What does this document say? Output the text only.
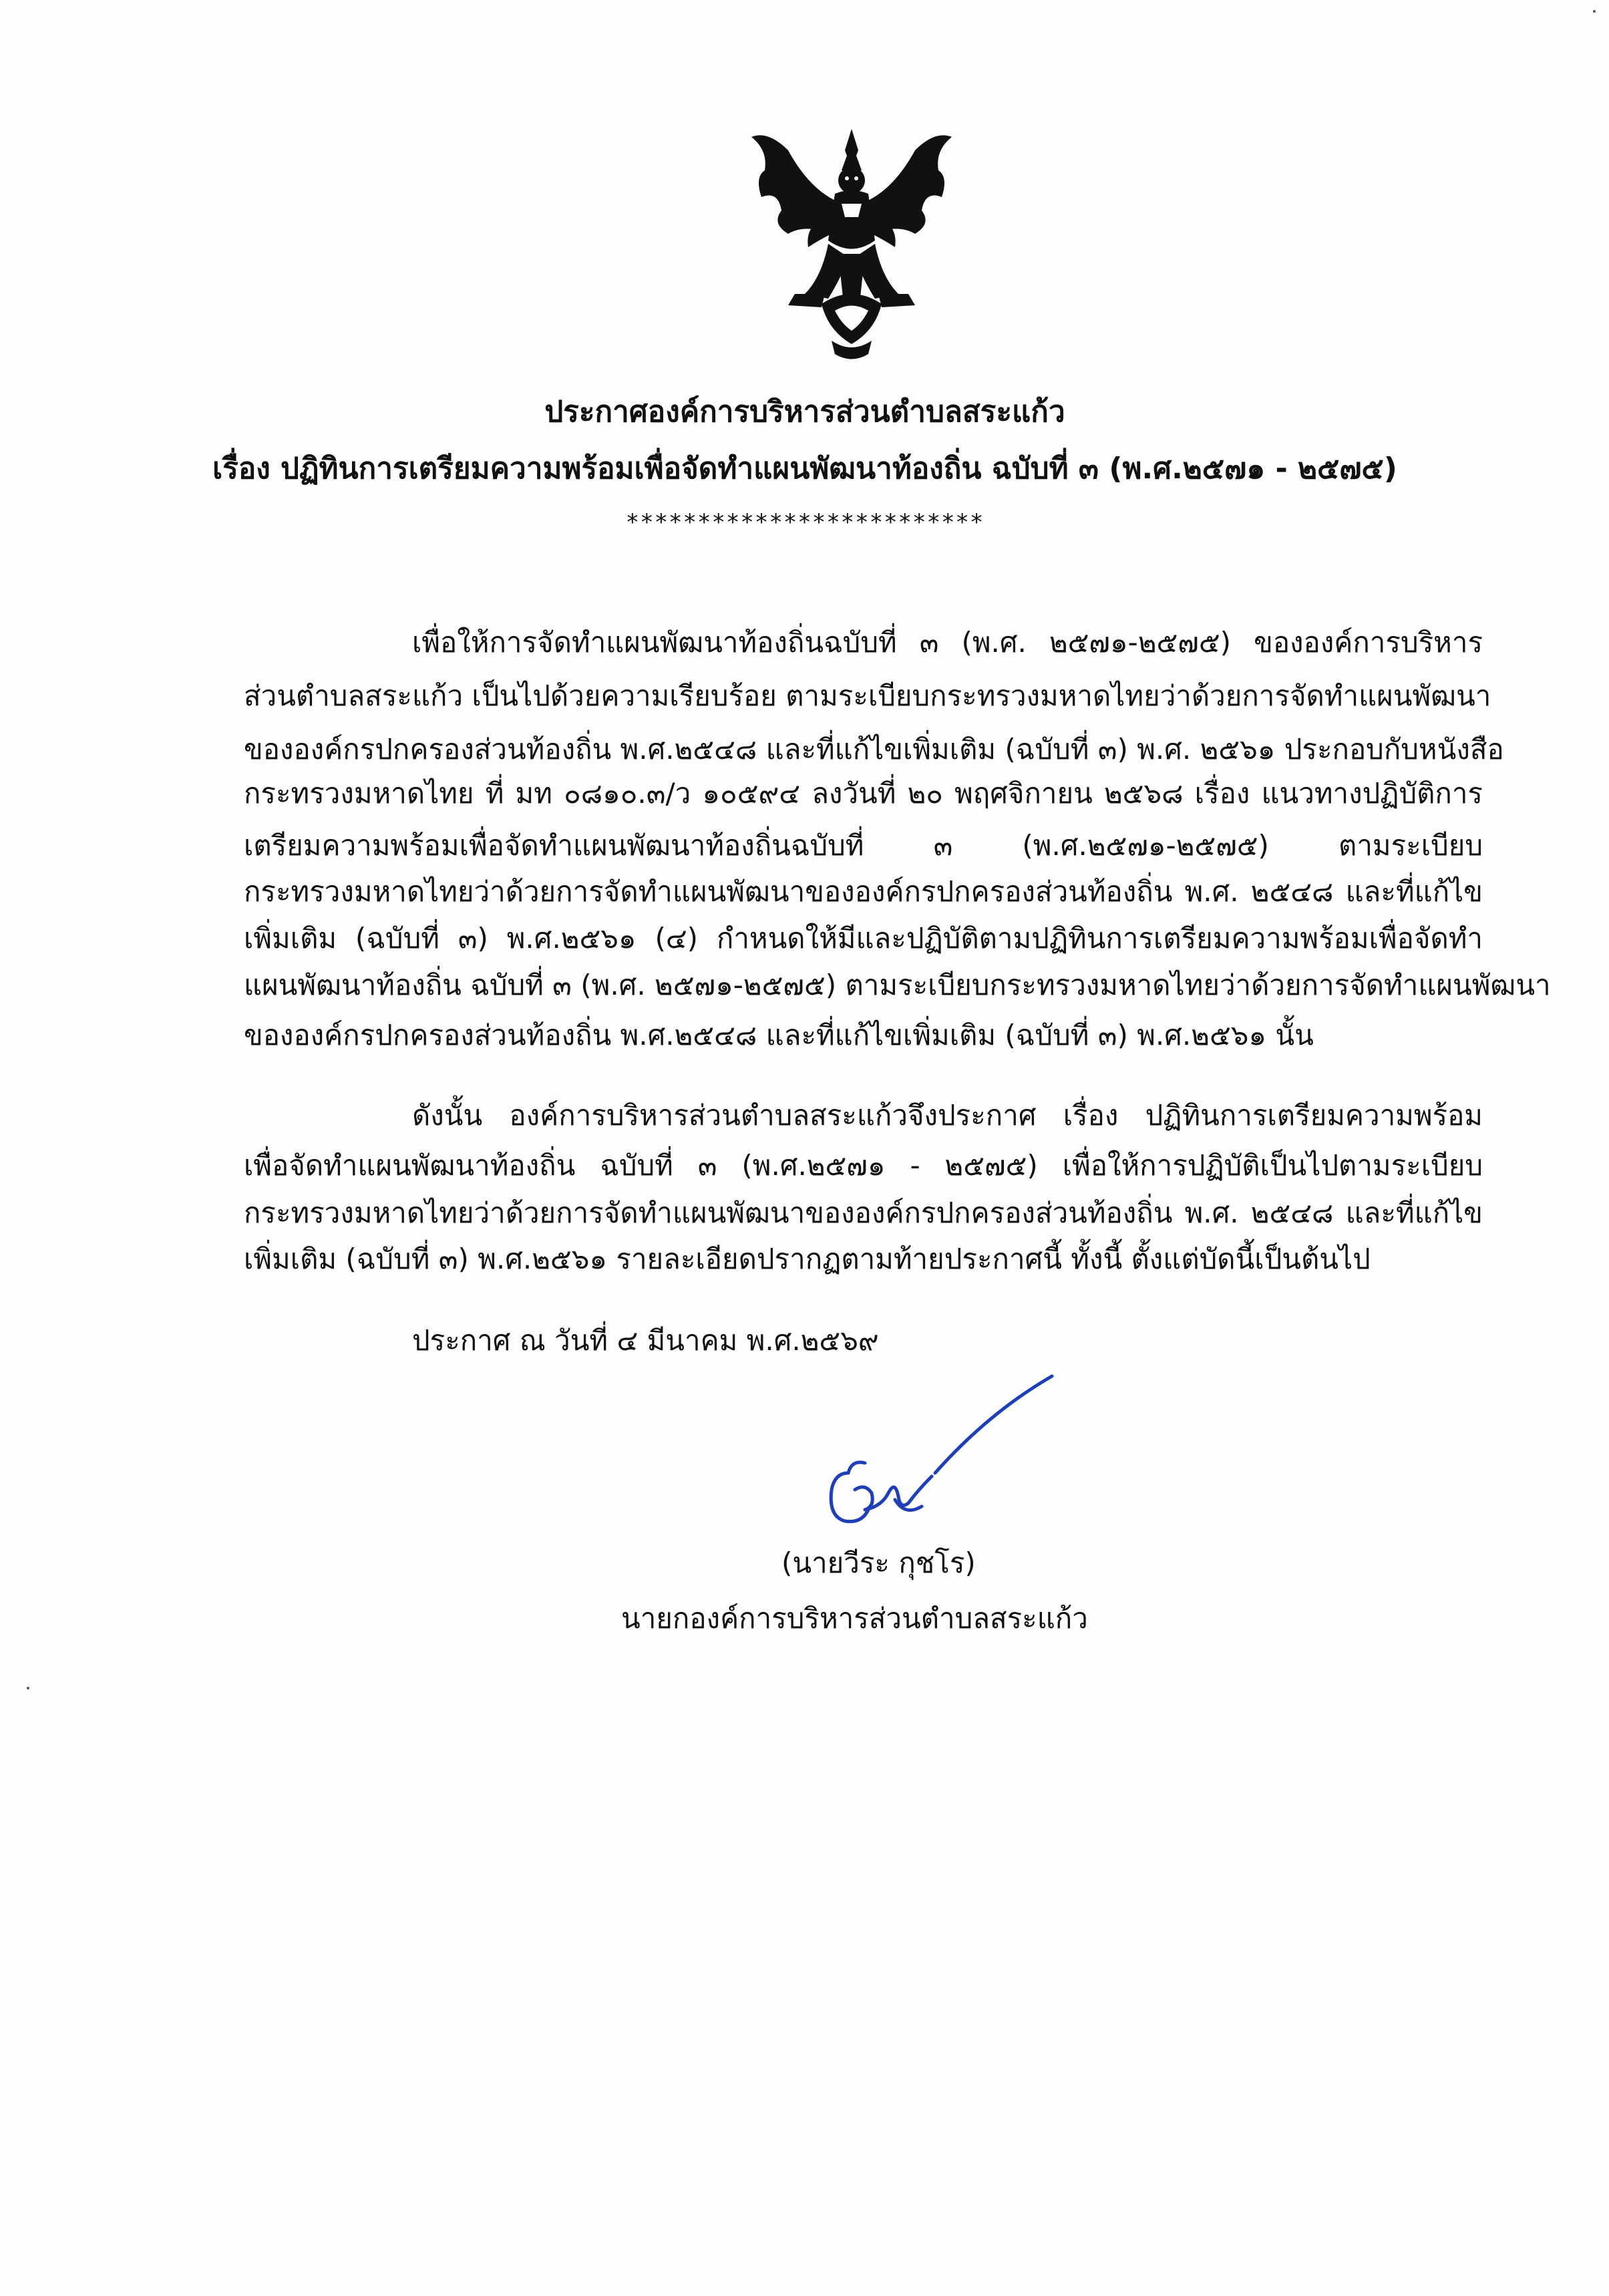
ประกาศองค์การบริหารส่วนตำบลสระแก้ว
เรื่อง ปฏิทินการเตรียมความพร้อมเพื่อจัดทำแผนพัฒนาท้องถิ่น ฉบับที่ ๓ (พ.ศ.๒๕๗๑ - ๒๕๗๕)
*************************
เพื่อให้การจัดทำแผนพัฒนาท้องถิ่นฉบับที่ ๓ (พ.ศ. ๒๕๗๑-๒๕๗๕) ขององค์การบริหาร
ส่วนตำบลสระแก้ว เป็นไปด้วยความเรียบร้อย ตามระเบียบกระทรวงมหาดไทยว่าด้วยการจัดทำแผนพัฒนา
ขององค์กรปกครองส่วนท้องถิ่น พ.ศ.๒๕๔๘ และที่แก้ไขเพิ่มเติม (ฉบับที่ ๓) พ.ศ. ๒๕๖๑ ประกอบกับหนังสือ
กระทรวงมหาดไทย ที่ มท ๐๘๑๐.๓/ว ๑๐๕๙๔ ลงวันที่ ๒๐ พฤศจิกายน ๒๕๖๘ เรื่อง แนวทางปฏิบัติการ
เตรียมความพร้อมเพื่อจัดทำแผนพัฒนาท้องถิ่นฉบับที่ ๓ (พ.ศ.๒๕๗๑-๒๕๗๕) ตามระเบียบ
กระทรวงมหาดไทยว่าด้วยการจัดทำแผนพัฒนาขององค์กรปกครองส่วนท้องถิ่น พ.ศ. ๒๕๔๘ และที่แก้ไข
เพิ่มเติม (ฉบับที่ ๓) พ.ศ.๒๕๖๑ (๔) กำหนดให้มีและปฏิบัติตามปฏิทินการเตรียมความพร้อมเพื่อจัดทำ
แผนพัฒนาท้องถิ่น ฉบับที่ ๓ (พ.ศ. ๒๕๗๑-๒๕๗๕) ตามระเบียบกระทรวงมหาดไทยว่าด้วยการจัดทำแผนพัฒนา
ขององค์กรปกครองส่วนท้องถิ่น พ.ศ.๒๕๔๘ และที่แก้ไขเพิ่มเติม (ฉบับที่ ๓) พ.ศ.๒๕๖๑ นั้น
ดังนั้น องค์การบริหารส่วนตำบลสระแก้วจึงประกาศ เรื่อง ปฏิทินการเตรียมความพร้อม
เพื่อจัดทำแผนพัฒนาท้องถิ่น ฉบับที่ ๓ (พ.ศ.๒๕๗๑ - ๒๕๗๕) เพื่อให้การปฏิบัติเป็นไปตามระเบียบ
กระทรวงมหาดไทยว่าด้วยการจัดทำแผนพัฒนาขององค์กรปกครองส่วนท้องถิ่น พ.ศ. ๒๕๔๘ และที่แก้ไข
เพิ่มเติม (ฉบับที่ ๓) พ.ศ.๒๕๖๑ รายละเอียดปรากฏตามท้ายประกาศนี้ ทั้งนี้ ตั้งแต่บัดนี้เป็นต้นไป
ประกาศ ณ วันที่ ๔ มีนาคม พ.ศ.๒๕๖๙
(นายวีระ กุชโร)
นายกองค์การบริหารส่วนตำบลสระแก้ว
